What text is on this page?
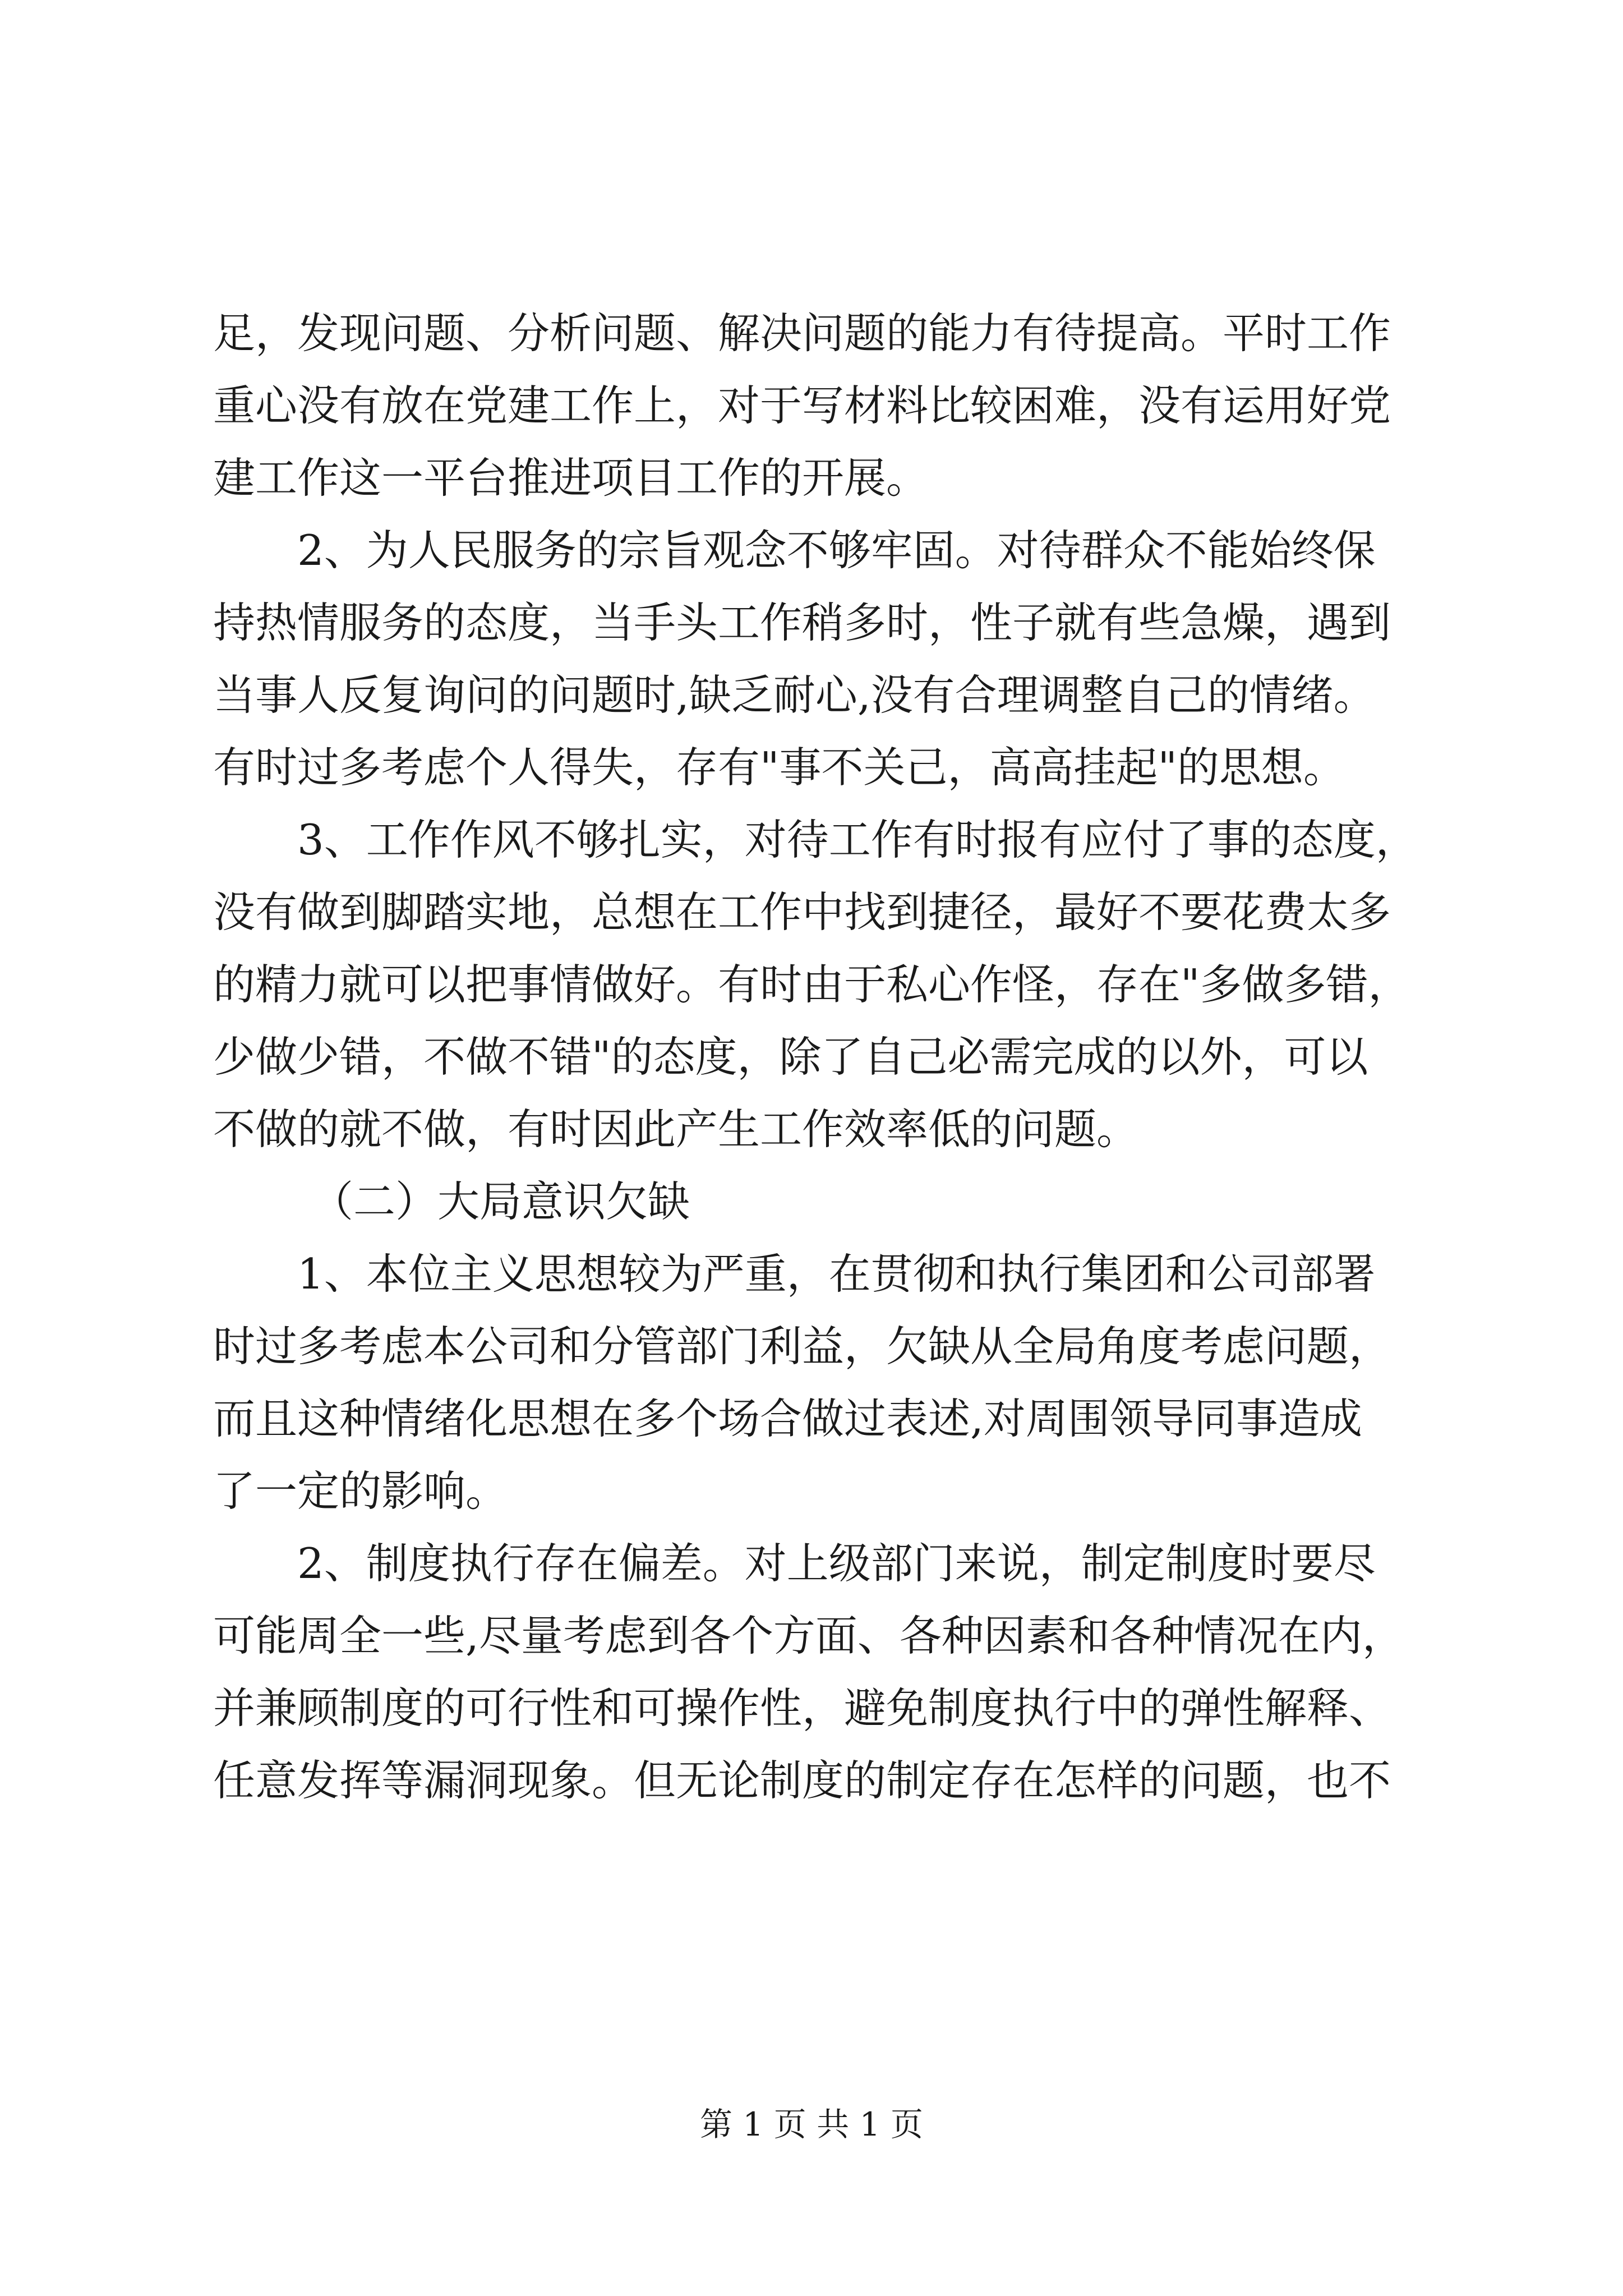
足，发现问题、分析问题、解决问题的能力有待提高。平时工作
重心没有放在党建工作上，对于写材料比较困难，没有运用好党
建工作这一平台推进项目工作的开展。
2、为人民服务的宗旨观念不够牢固。对待群众不能始终保
持热情服务的态度，当手头工作稍多时，性子就有些急燥，遇到
当事人反复询问的问题时,缺乏耐心,没有合理调整自己的情绪。
有时过多考虑个人得失，存有"事不关己，高高挂起"的思想。
3、工作作风不够扎实，对待工作有时报有应付了事的态度，
没有做到脚踏实地，总想在工作中找到捷径，最好不要花费太多
的精力就可以把事情做好。有时由于私心作怪，存在"多做多错，
少做少错，不做不错"的态度，除了自己必需完成的以外，可以
不做的就不做，有时因此产生工作效率低的问题。
（二）大局意识欠缺
1、本位主义思想较为严重，在贯彻和执行集团和公司部署
时过多考虑本公司和分管部门利益，欠缺从全局角度考虑问题，
而且这种情绪化思想在多个场合做过表述,对周围领导同事造成
了一定的影响。
2、制度执行存在偏差。对上级部门来说，制定制度时要尽
可能周全一些,尽量考虑到各个方面、各种因素和各种情况在内，
并兼顾制度的可行性和可操作性，避免制度执行中的弹性解释、
任意发挥等漏洞现象。但无论制度的制定存在怎样的问题，也不
第 1 页 共 1 页
